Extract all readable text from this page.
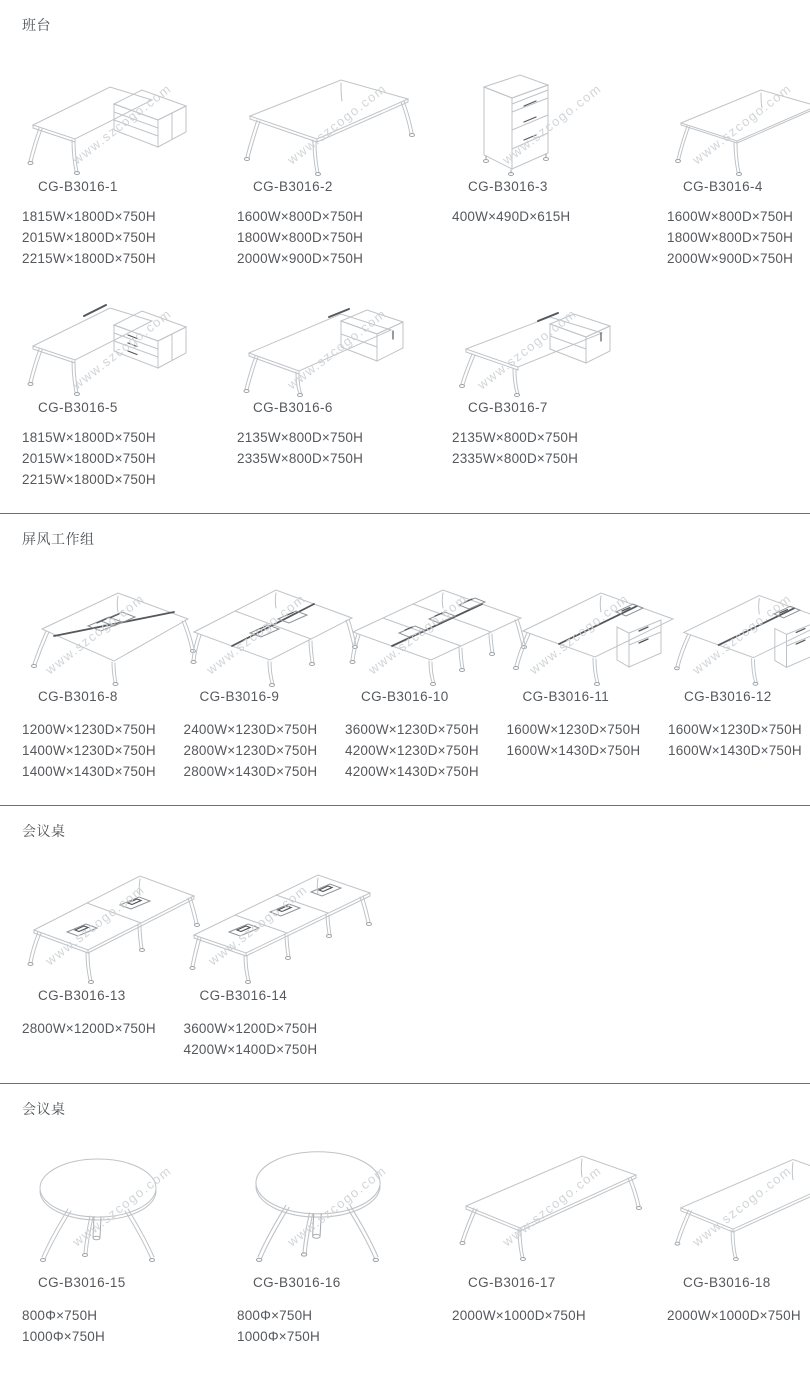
班台
www.szcogo.com
CG-B3016-1
1815W×1800D×750H
2015W×1800D×750H
2215W×1800D×750H
www.szcogo.com
CG-B3016-2
1600W×800D×750H
1800W×800D×750H
2000W×900D×750H
www.szcogo.com
CG-B3016-3
400W×490D×615H
www.szcogo.com
CG-B3016-4
1600W×800D×750H
1800W×800D×750H
2000W×900D×750H
www.szcogo.com
CG-B3016-5
1815W×1800D×750H
2015W×1800D×750H
2215W×1800D×750H
www.szcogo.com
CG-B3016-6
2135W×800D×750H
2335W×800D×750H
www.szcogo.com
CG-B3016-7
2135W×800D×750H
2335W×800D×750H
屏风工作组
www.szcogo.com
CG-B3016-8
1200W×1230D×750H
1400W×1230D×750H
1400W×1430D×750H
www.szcogo.com
CG-B3016-9
2400W×1230D×750H
2800W×1230D×750H
2800W×1430D×750H
www.szcogo.com
CG-B3016-10
3600W×1230D×750H
4200W×1230D×750H
4200W×1430D×750H
www.szcogo.com
CG-B3016-11
1600W×1230D×750H
1600W×1430D×750H
www.szcogo.com
CG-B3016-12
1600W×1230D×750H
1600W×1430D×750H
会议桌
www.szcogo.com
CG-B3016-13
2800W×1200D×750H
www.szcogo.com
CG-B3016-14
3600W×1200D×750H
4200W×1400D×750H
会议桌
www.szcogo.com
CG-B3016-15
800Φ×750H
1000Φ×750H
www.szcogo.com
CG-B3016-16
800Φ×750H
1000Φ×750H
www.szcogo.com
CG-B3016-17
2000W×1000D×750H
www.szcogo.com
CG-B3016-18
2000W×1000D×750H
